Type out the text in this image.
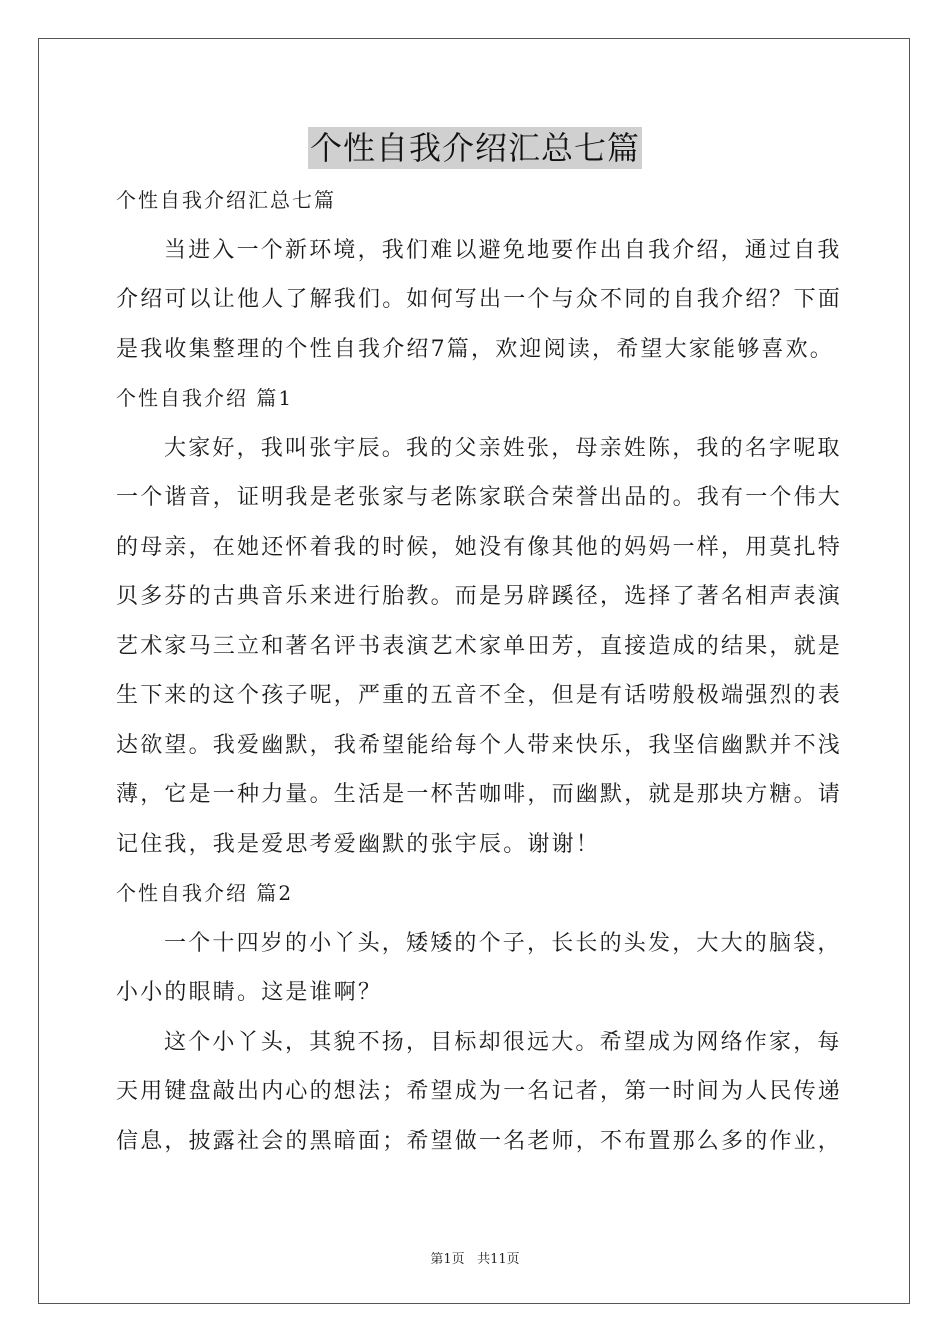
个性自我介绍汇总七篇
个性自我介绍汇总七篇
当进入一个新环境，我们难以避免地要作出自我介绍，通过自我
介绍可以让他人了解我们。如何写出一个与众不同的自我介绍？下面
是我收集整理的个性自我介绍7篇，欢迎阅读，希望大家能够喜欢。
个性自我介绍 篇1
大家好，我叫张宇辰。我的父亲姓张，母亲姓陈，我的名字呢取
一个谐音，证明我是老张家与老陈家联合荣誉出品的。我有一个伟大
的母亲，在她还怀着我的时候，她没有像其他的妈妈一样，用莫扎特
贝多芬的古典音乐来进行胎教。而是另辟蹊径，选择了著名相声表演
艺术家马三立和著名评书表演艺术家单田芳，直接造成的结果，就是
生下来的这个孩子呢，严重的五音不全，但是有话唠般极端强烈的表
达欲望。我爱幽默，我希望能给每个人带来快乐，我坚信幽默并不浅
薄，它是一种力量。生活是一杯苦咖啡，而幽默，就是那块方糖。请
记住我，我是爱思考爱幽默的张宇辰。谢谢！
个性自我介绍 篇2
一个十四岁的小丫头，矮矮的个子，长长的头发，大大的脑袋，
小小的眼睛。这是谁啊？
这个小丫头，其貌不扬，目标却很远大。希望成为网络作家，每
天用键盘敲出内心的想法；希望成为一名记者，第一时间为人民传递
信息，披露社会的黑暗面；希望做一名老师，不布置那么多的作业，
第1页 共11页
